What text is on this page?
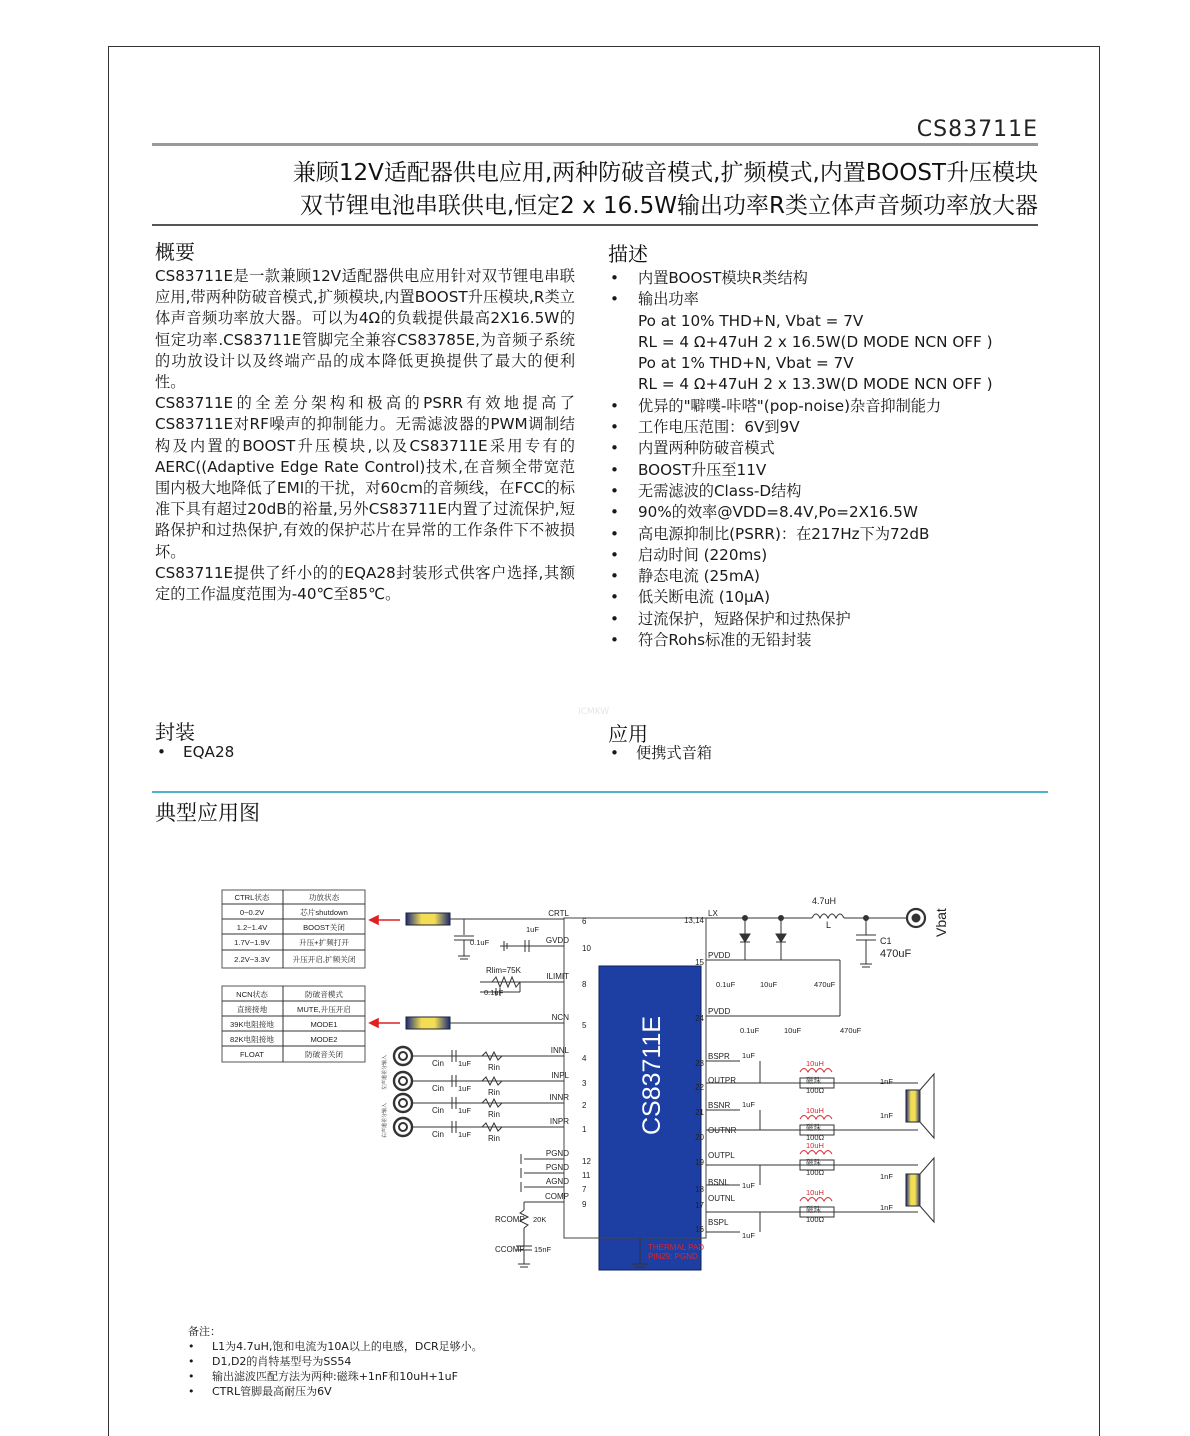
CS83711E
兼顾12V适配器供电应用,两种防破音模式,扩频模式,内置BOOST升压模块
双节锂电池串联供电,恒定2 x 16.5W输出功率R类立体声音频功率放大器
概要

CS83711E是一款兼顾12V适配器供电应用针对双节锂电串联应用,带两种防破音模式,扩频模块,内置BOOST升压模块,R类立体声音频功率放大器。可以为4Ω的负载提供最高2X16.5W的恒定功率.CS83711E管脚完全兼容CS83785E,为音频子系统的功放设计以及终端产品的成本降低更换提供了最大的便利性。

CS83711E的全差分架构和极高的PSRR有效地提高了CS83711E对RF噪声的抑制能力。无需滤波器的PWM调制结构及内置的BOOST升压模块,以及CS83711E采用专有的AERC((Adaptive Edge Rate Control)技术,在音频全带宽范围内极大地降低了EMI的干扰，对60cm的音频线，在FCC的标准下具有超过20dB的裕量,另外CS83711E内置了过流保护,短路保护和过热保护,有效的保护芯片在异常的工作条件下不被损坏。

CS83711E提供了纤小的的EQA28封装形式供客户选择,其额定的工作温度范围为-40℃至85℃。

描述
• 内置BOOST模块R类结构
• 输出功率
Po at 10% THD+N, Vbat = 7V
RL = 4 Ω+47uH 2 x 16.5W(D MODE NCN OFF )
Po at 1% THD+N, Vbat = 7V
RL = 4 Ω+47uH 2 x 13.3W(D MODE NCN OFF )
• 优异的"噼噗-咔嗒"(pop-noise)杂音抑制能力
• 工作电压范围：6V到9V
• 内置两种防破音模式
• BOOST升压至11V
• 无需滤波的Class-D结构
• 90%的效率@VDD=8.4V,Po=2X16.5W
• 高电源抑制比(PSRR)：在217Hz下为72dB
• 启动时间 (220ms)
• 静态电流 (25mA)
• 低关断电流 (10μA)
• 过流保护，短路保护和过热保护
• 符合Rohs标准的无铅封装
封装
• EQA28
ICMKW
应用
• 便携式音箱
典型应用图
CTRL状态	功放状态
0~0.2V	芯片shutdown
1.2~1.4V	BOOST关闭
1.7V~1.9V	升压+扩频打开
2.2V~3.3V	升压开启,扩频关闭
NCN状态	防破音模式
直接接地	MUTE,升压开启
39K电阻接地	MODE1
82K电阻接地	MODE2
FLOAT	防破音关闭	CS83711E
CRTL
6
GVDD
10
ILIMIT
8
NCN
5
INNL
4
INPL
3
INNR
2
INPR
1
PGND
12
PGND
11
AGND
7
COMP
9
LX
13,14
PVDD
15
PVDD
24
BSPR
23
OUTPR
22
BSNR
21
OUTNR
20
OUTPL
19
BSNL
18
OUTNL
17
BSPL
16
4.7uH
L	Vbat
C1
470uF
0.1uF
1uF
Rlim=75K
0.1uF
0.1uF	10uF	470uF
0.1uF	10uF	470uF
Cin
Cin
Cin
Cin
1uF
1uF
1uF
1uF
Rin
Rin
Rin
Rin
左声道差分输入
右声道差分输入
RCOMP 20K
CCOMP 15nF	THERMAL PAD
PIN29: PGND
10uH
磁珠
100Ω
10uH
磁珠
100Ω
10uH
磁珠
100Ω
10uH
磁珠
100Ω
1uF
1uF
1uF
1uF
1nF
1nF
1nF
1nF
备注：
• L1为4.7uH,饱和电流为10A以上的电感，DCR足够小。
• D1,D2的肖特基型号为SS54
• 输出滤波匹配方法为两种:磁珠+1nF和10uH+1uF
• CTRL管脚最高耐压为6V
